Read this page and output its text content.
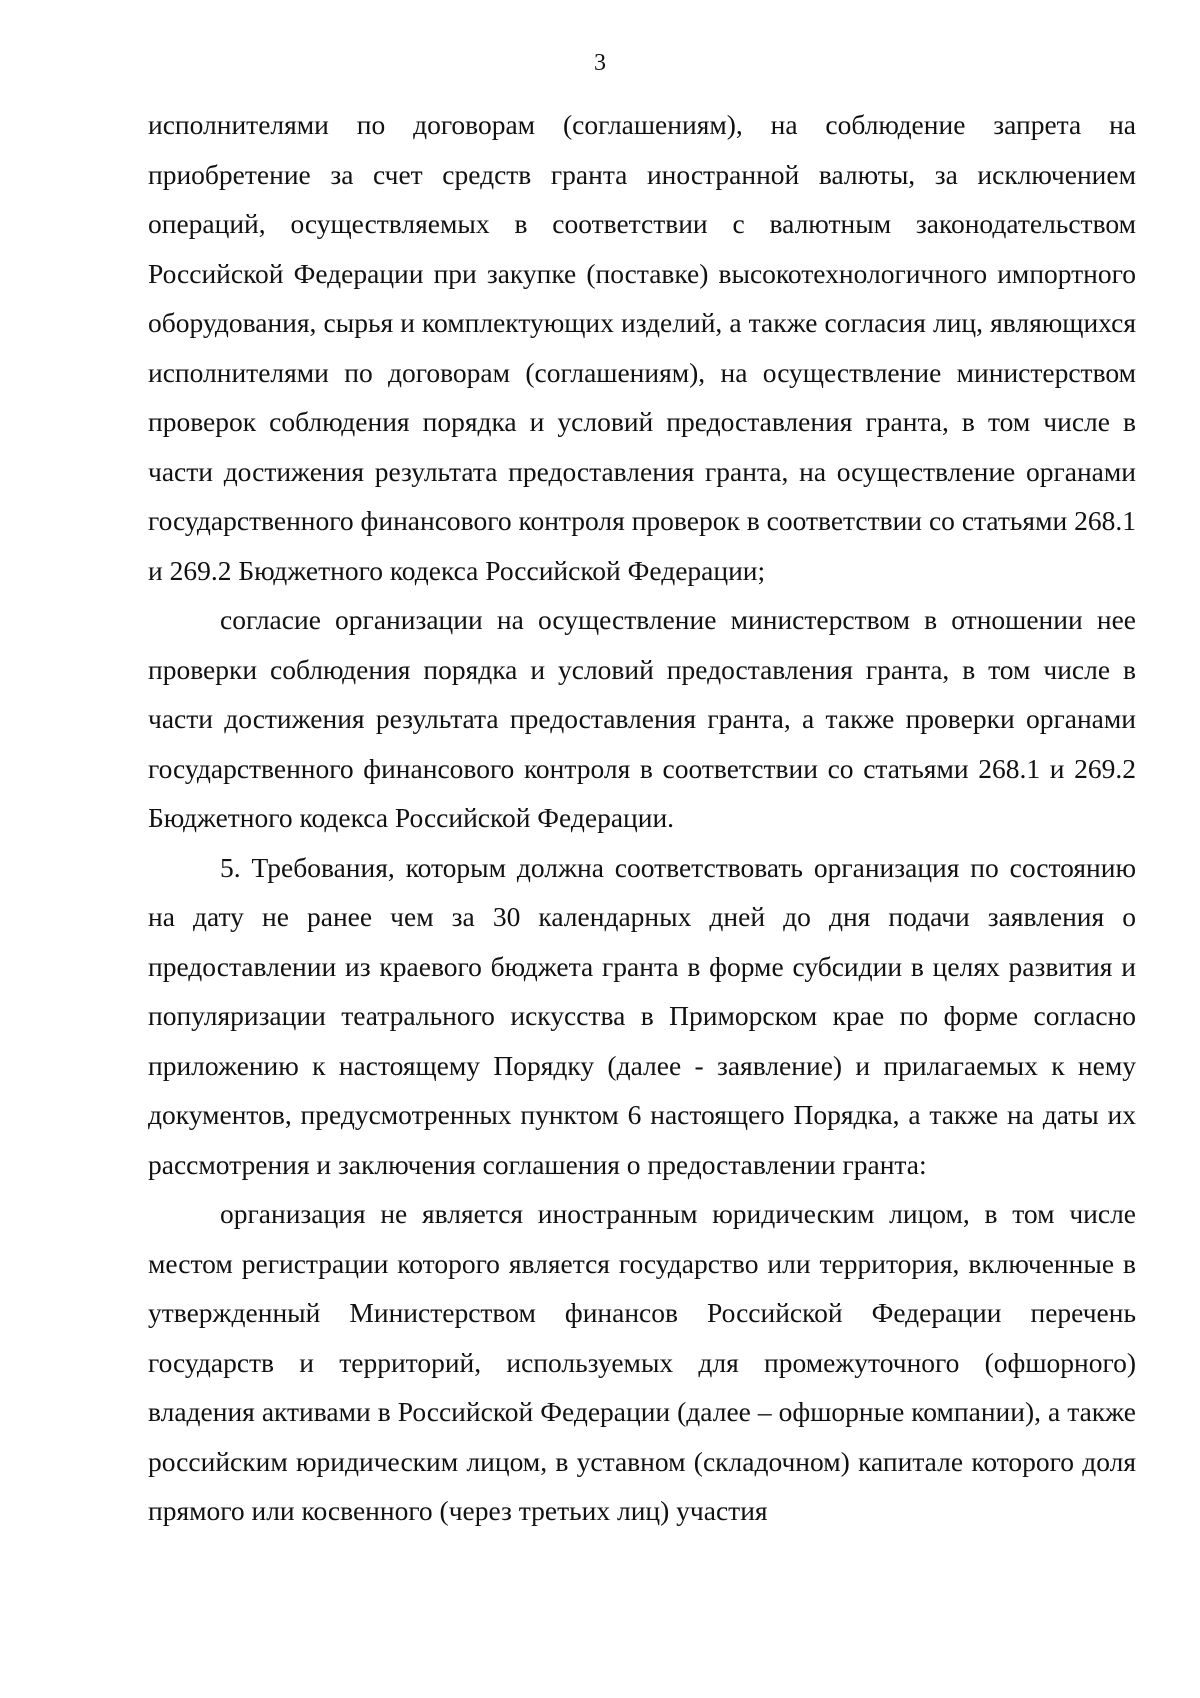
3

исполнителями по договорам (соглашениям), на соблюдение запрета на приобретение за счет средств гранта иностранной валюты, за исключением операций, осуществляемых в соответствии с валютным законодательством Российской Федерации при закупке (поставке) высокотехнологичного импортного оборудования, сырья и комплектующих изделий, а также согласия лиц, являющихся исполнителями по договорам (соглашениям), на осуществление министерством проверок соблюдения порядка и условий предоставления гранта, в том числе в части достижения результата предоставления гранта, на осуществление органами государственного финансового контроля проверок в соответствии со статьями 268.1 и 269.2 Бюджетного кодекса Российской Федерации;

согласие организации на осуществление министерством в отношении нее проверки соблюдения порядка и условий предоставления гранта, в том числе в части достижения результата предоставления гранта, а также проверки органами государственного финансового контроля в соответствии со статьями 268.1 и 269.2 Бюджетного кодекса Российской Федерации.

5. Требования, которым должна соответствовать организация по состоянию на дату не ранее чем за 30 календарных дней до дня подачи заявления о предоставлении из краевого бюджета гранта в форме субсидии в целях развития и популяризации театрального искусства в Приморском крае по форме согласно приложению к настоящему Порядку (далее - заявление) и прилагаемых к нему документов, предусмотренных пунктом 6 настоящего Порядка, а также на даты их рассмотрения и заключения соглашения о предоставлении гранта:

организация не является иностранным юридическим лицом, в том числе местом регистрации которого является государство или территория, включенные в утвержденный Министерством финансов Российской Федерации перечень государств и территорий, используемых для промежуточного (офшорного) владения активами в Российской Федерации (далее – офшорные компании), а также российским юридическим лицом, в уставном (складочном) капитале которого доля прямого или косвенного (через третьих лиц) участия
